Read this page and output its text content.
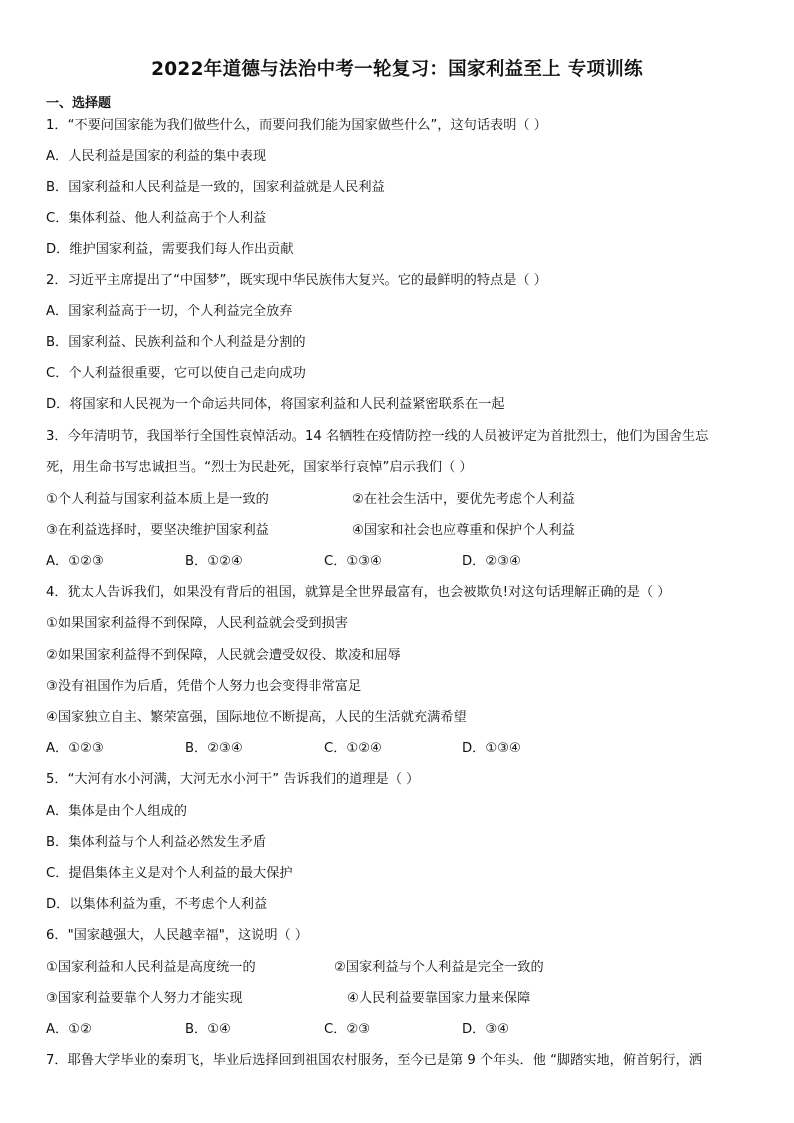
2022年道德与法治中考一轮复习：国家利益至上 专项训练
一、选择题
1．“不要问国家能为我们做些什么，而要问我们能为国家做些什么”，这句话表明（ ）
A．人民利益是国家的利益的集中表现
B．国家利益和人民利益是一致的，国家利益就是人民利益
C．集体利益、他人利益高于个人利益
D．维护国家利益，需要我们每人作出贡献
2．习近平主席提出了“中国梦”，既实现中华民族伟大复兴。它的最鲜明的特点是（ ）
A．国家利益高于一切，个人利益完全放弃
B．国家利益、民族利益和个人利益是分割的
C．个人利益很重要，它可以使自己走向成功
D．将国家和人民视为一个命运共同体，将国家利益和人民利益紧密联系在一起
3．今年清明节，我国举行全国性哀悼活动。14 名牺牲在疫情防控一线的人员被评定为首批烈士，他们为国舍生忘
死，用生命书写忠诚担当。“烈士为民赴死，国家举行哀悼”启示我们（ ）
①个人利益与国家利益本质上是一致的	②在社会生活中，要优先考虑个人利益
③在利益选择时，要坚决维护国家利益	④国家和社会也应尊重和保护个人利益
A．①②③	B．①②④	C．①③④	D．②③④
4．犹太人告诉我们，如果没有背后的祖国，就算是全世界最富有，也会被欺负!对这句话理解正确的是（ ）
①如果国家利益得不到保障，人民利益就会受到损害
②如果国家利益得不到保障，人民就会遭受奴役、欺凌和屈辱
③没有祖国作为后盾，凭借个人努力也会变得非常富足
④国家独立自主、繁荣富强，国际地位不断提高，人民的生活就充满希望
A．①②③	B．②③④	C．①②④	D．①③④
5．“大河有水小河满，大河无水小河干” 告诉我们的道理是（ ）
A．集体是由个人组成的
B．集体利益与个人利益必然发生矛盾
C．提倡集体主义是对个人利益的最大保护
D．以集体利益为重，不考虑个人利益
6．"国家越强大，人民越幸福"，这说明（ ）
①国家利益和人民利益是高度统一的	②国家利益与个人利益是完全一致的
③国家利益要靠个人努力才能实现	④人民利益要靠国家力量来保障
A．①②	B．①④	C．②③	D．③④
7．耶鲁大学毕业的秦玥飞，毕业后选择回到祖国农村服务，至今已是第 9 个年头．他 “脚踏实地，俯首躬行，洒
